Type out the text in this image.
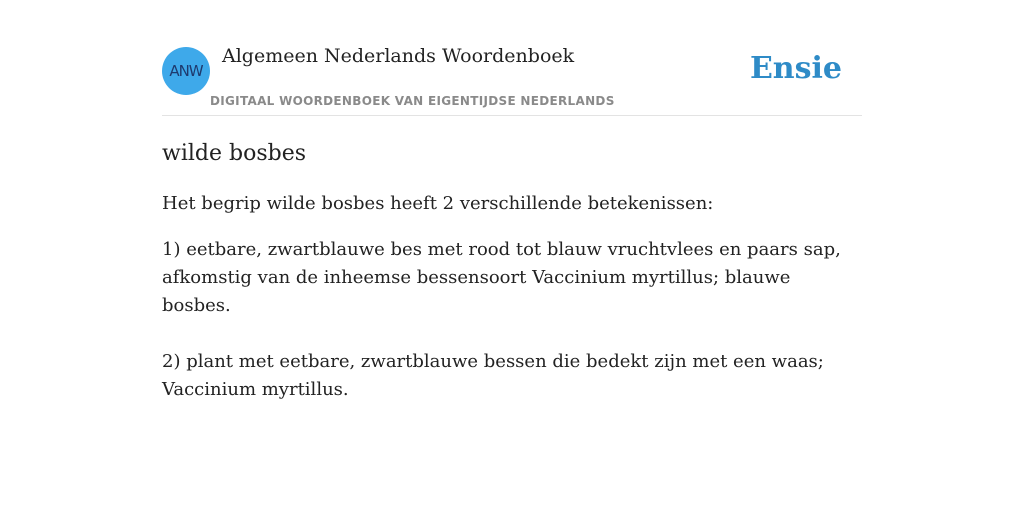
ANW
Algemeen Nederlands Woordenboek
DIGITAAL WOORDENBOEK VAN EIGENTIJDSE NEDERLANDS
Ensie
wilde bosbes

Het begrip wilde bosbes heeft 2 verschillende betekenissen:

1) eetbare, zwartblauwe bes met rood tot blauw vruchtvlees en paars sap, afkomstig van de inheemse bessensoort Vaccinium myrtillus; blauwe bosbes.

2) plant met eetbare, zwartblauwe bessen die bedekt zijn met een waas; Vaccinium myrtillus.
